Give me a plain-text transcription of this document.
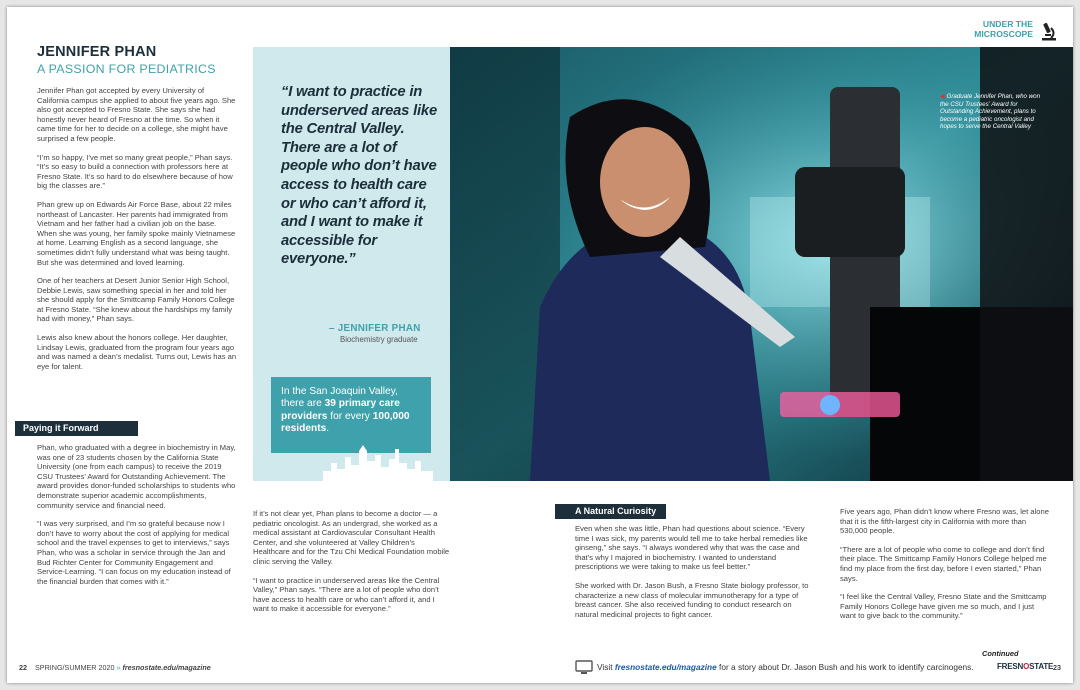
JENNIFER PHAN
A PASSION FOR PEDIATRICS

Jennifer Phan got accepted by every University of California campus she applied to about five years ago. She also got accepted to Fresno State. She says she had honestly never heard of Fresno at the time. So when it came time for her to decide on a college, she might have surprised a few people.

“I’m so happy, I’ve met so many great people,” Phan says. “It’s so easy to build a connection with professors here at Fresno State. It’s so hard to do elsewhere because of how big the classes are.”

Phan grew up on Edwards Air Force Base, about 22 miles northeast of Lancaster. Her parents had immigrated from Vietnam and her father had a civilian job on the base. When she was young, her family spoke mainly Vietnamese at home. Learning English as a second language, she sometimes didn’t fully understand what was being taught. But she was determined and loved learning.

One of her teachers at Desert Junior Senior High School, Debbie Lewis, saw something special in her and told her she should apply for the Smittcamp Family Honors College at Fresno State. “She knew about the hardships my family had with money,” Phan says.

Lewis also knew about the honors college. Her daughter, Lindsay Lewis, graduated from the program four years ago and was named a dean’s medalist. Turns out, Lewis has an eye for talent.

Paying it Forward

Phan, who graduated with a degree in biochemistry in May, was one of 23 students chosen by the California State University (one from each campus) to receive the 2019 CSU Trustees’ Award for Outstanding Achievement. The award provides donor-funded scholarships to students who demonstrate superior academic accomplishments, community service and financial need.

“I was very surprised, and I’m so grateful because now I don’t have to worry about the cost of applying for medical school and the travel expenses to get to interviews,” says Phan, who was a scholar in service through the Jan and Bud Richter Center for Community Engagement and Service-Learning. “I can focus on my education instead of the financial burden that comes with it.”

◀ Graduate Jennifer Phan, who won the CSU Trustees’ Award for Outstanding Achievement, plans to become a pediatric oncologist and hopes to serve the Central Valley
“I want to practice in underserved areas like the Central Valley. There are a lot of people who don’t have access to health care or who can’t afford it, and I want to make it accessible for everyone.”
– JENNIFER PHAN
Biochemistry graduate
In the San Joaquin Valley, there are 39 primary care providers for every 100,000 residents.
UNDER THE
MICROSCOPE

If it’s not clear yet, Phan plans to become a doctor — a pediatric oncologist. As an undergrad, she worked as a medical assistant at Cardiovascular Consultant Health Center, and she volunteered at Valley Children’s Healthcare and for the Tzu Chi Medical Foundation mobile clinic serving the Valley.

“I want to practice in underserved areas like the Central Valley,” Phan says. “There are a lot of people who don’t have access to health care or who can’t afford it, and I want to make it accessible for everyone.”

A Natural Curiosity

Even when she was little, Phan had questions about science. “Every time I was sick, my parents would tell me to take herbal remedies like ginseng,” she says. “I always wondered why that was the case and that’s why I majored in biochemistry. I wanted to understand prescriptions we were taking to make us feel better.”

She worked with Dr. Jason Bush, a Fresno State biology professor, to characterize a new class of molecular immunotherapy for a type of breast cancer. She also received funding to conduct research on natural medicinal projects to fight cancer.

Five years ago, Phan didn’t know where Fresno was, let alone that it is the fifth-largest city in California with more than 530,000 people.

“There are a lot of people who come to college and don’t find their place. The Smittcamp Family Honors College helped me find my place from the first day, before I even started,” Phan says.

“I feel like the Central Valley, Fresno State and the Smittcamp Family Honors College have given me so much, and I just want to give back to the community.”

Continued
22 SPRING/SUMMER 2020 » fresnostate.edu/magazine	Visit fresnostate.edu/magazine for a story about Dr. Jason Bush and his work to identify carcinogens.	FRESNOSTATE 23
